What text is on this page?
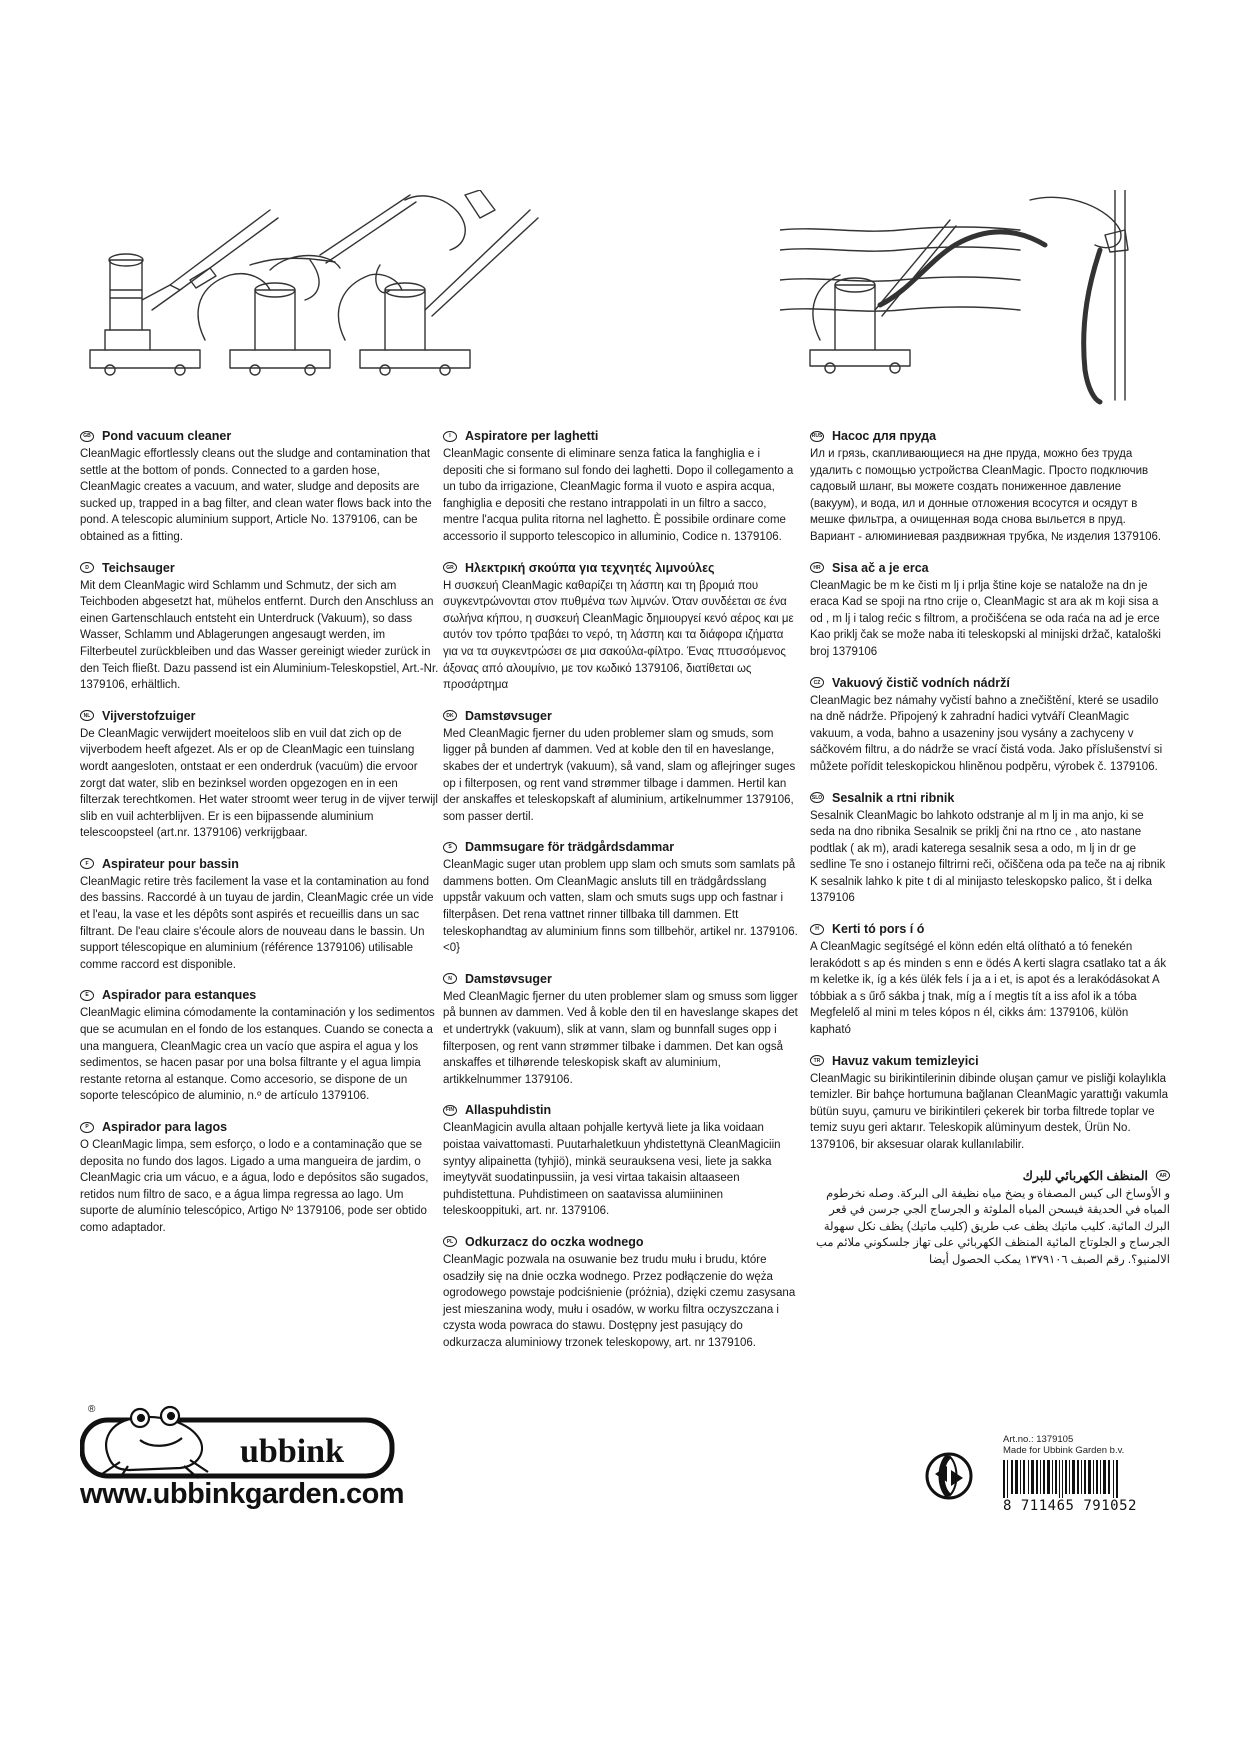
GB Pond vacuum cleaner

CleanMagic effortlessly cleans out the sludge and contamination that settle at the bottom of ponds. Connected to a garden hose, CleanMagic creates a vacuum, and water, sludge and deposits are sucked up, trapped in a bag filter, and clean water flows back into the pond. A telescopic aluminium support, Article No. 1379106, can be obtained as a fitting.

D	Teichsauger

Mit dem CleanMagic wird Schlamm und Schmutz, der sich am Teichboden abgesetzt hat, mühelos entfernt. Durch den Anschluss an einen Gartenschlauch entsteht ein Unterdruck (Vakuum), so dass Wasser, Schlamm und Ablagerungen angesaugt werden, im Filterbeutel zurückbleiben und das Wasser gereinigt wieder zurück in den Teich fließt. Dazu passend ist ein Aluminium-Teleskopstiel, Art.-Nr. 1379106, erhältlich.

NL Vijverstofzuiger

De CleanMagic verwijdert moeiteloos slib en vuil dat zich op de vijverbodem heeft afgezet. Als er op de CleanMagic een tuinslang wordt aangesloten, ontstaat er een onderdruk (vacuüm) die ervoor zorgt dat water, slib en bezinksel worden opgezogen en in een filterzak terechtkomen. Het water stroomt weer terug in de vijver terwijl slib en vuil achterblijven. Er is een bijpassende aluminium telescoopsteel (art.nr. 1379106) verkrijgbaar.

F	Aspirateur pour bassin

CleanMagic retire très facilement la vase et la contamination au fond des bassins. Raccordé à un tuyau de jardin, CleanMagic crée un vide et l'eau, la vase et les dépôts sont aspirés et recueillis dans un sac filtrant. De l'eau claire s'écoule alors de nouveau dans le bassin. Un support télescopique en aluminium (référence 1379106) utilisable comme raccord est disponible.

E	Aspirador para estanques

CleanMagic elimina cómodamente la contaminación y los sedimentos que se acumulan en el fondo de los estanques. Cuando se conecta a una manguera, CleanMagic crea un vacío que aspira el agua y los sedimentos, se hacen pasar por una bolsa filtrante y el agua limpia restante retorna al estanque. Como accesorio, se dispone de un soporte telescópico de aluminio, n.º de artículo 1379106.

P	Aspirador para lagos

O CleanMagic limpa, sem esforço, o lodo e a contaminação que se deposita no fundo dos lagos. Ligado a uma mangueira de jardim, o CleanMagic cria um vácuo, e a água, lodo e depósitos são sugados, retidos num filtro de saco, e a água limpa regressa ao lago. Um suporte de alumínio telescópico, Artigo Nº 1379106, pode ser obtido como adaptador.

I	Aspiratore per laghetti

CleanMagic consente di eliminare senza fatica la fanghiglia e i depositi che si formano sul fondo dei laghetti. Dopo il collegamento a un tubo da irrigazione, CleanMagic forma il vuoto e aspira acqua, fanghiglia e depositi che restano intrappolati in un filtro a sacco, mentre l'acqua pulita ritorna nel laghetto. È possibile ordinare come accessorio il supporto telescopico in alluminio, Codice n. 1379106.

GR Ηλεκτρική σκούπα για τεχνητές λιμνούλες

Η συσκευή CleanMagic καθαρίζει τη λάσπη και τη βρομιά που συγκεντρώνονται στον πυθμένα των λιμνών. Όταν συνδέεται σε ένα σωλήνα κήπου, η συσκευή CleanMagic δημιουργεί κενό αέρος και με αυτόν τον τρόπο τραβάει το νερό, τη λάσπη και τα διάφορα ιζήματα για να τα συγκεντρώσει σε μια σακούλα-φίλτρο. Ένας πτυσσόμενος άξονας από αλουμίνιο, με τον κωδικό 1379106, διατίθεται ως προσάρτημα

DK Damstøvsuger

Med CleanMagic fjerner du uden problemer slam og smuds, som ligger på bunden af dammen. Ved at koble den til en haveslange, skabes der et undertryk (vakuum), så vand, slam og aflejringer suges op i filterposen, og rent vand strømmer tilbage i dammen. Hertil kan der anskaffes et teleskopskaft af aluminium, artikelnummer 1379106, som passer dertil.

S	Dammsugare för trädgårdsdammar

CleanMagic suger utan problem upp slam och smuts som samlats på dammens botten. Om CleanMagic ansluts till en trädgårdsslang uppstår vakuum och vatten, slam och smuts sugs upp och fastnar i filterpåsen. Det rena vattnet rinner tillbaka till dammen. Ett teleskophandtag av aluminium finns som tillbehör, artikel nr. 1379106.<0}

N	Damstøvsuger

Med CleanMagic fjerner du uten problemer slam og smuss som ligger på bunnen av dammen. Ved å koble den til en haveslange skapes det et undertrykk (vakuum), slik at vann, slam og bunnfall suges opp i filterposen, og rent vann strømmer tilbake i dammen. Det kan også anskaffes et tilhørende teleskopisk skaft av aluminium, artikkelnummer 1379106.

FIN Allaspuhdistin

CleanMagicin avulla altaan pohjalle kertyvä liete ja lika voidaan poistaa vaivattomasti. Puutarhaletkuun yhdistettynä CleanMagiciin syntyy alipainetta (tyhjiö), minkä seurauksena vesi, liete ja sakka imeytyvät suodatinpussiin, ja vesi virtaa takaisin altaaseen puhdistettuna. Puhdistimeen on saatavissa alumiininen teleskooppituki, art. nr. 1379106.

PL Odkurzacz do oczka wodnego

CleanMagic pozwala na osuwanie bez trudu mułu i brudu, które osadziły się na dnie oczka wodnego. Przez podłączenie do węża ogrodowego powstaje podciśnienie (próżnia), dzięki czemu zasysana jest mieszanina wody, mułu i osadów, w worku filtra oczyszczana i czysta woda powraca do stawu. Dostępny jest pasujący do odkurzacza aluminiowy trzonek teleskopowy, art. nr 1379106.

RUS Насос для пруда

Ил и грязь, скапливающиеся на дне пруда, можно без труда удалить с помощью устройства CleanMagic. Просто подключив садовый шланг, вы можете создать пониженное давление (вакуум), и вода, ил и донные отложения всосутся и осядут в мешке фильтра, а очищенная вода снова выльется в пруд. Вариант - алюминиевая раздвижная трубка, № изделия 1379106.

HR Sisa ač a je erca

CleanMagic be m ke čisti m lj i prlja štine koje se nataložе na dn je eraca Kad se spoji na rtno crije o, CleanMagic st ara ak m koji sisa a od , m lj i talog rećic s filtrom, a pročišćena se oda raća na ad je erce Kao priklj čak se može naba iti teleskopski al minijski držač, kataloški broj 1379106

CZ Vakuový čistič vodních nádrží

CleanMagic bez námahy vyčistí bahno a znečištění, které se usadilo na dně nádrže. Připojený k zahradní hadici vytváří CleanMagic vakuum, a voda, bahno a usazeniny jsou vysány a zachyceny v sáčkovém filtru, a do nádrže se vrací čistá voda. Jako příslušenství si můžete pořídit teleskopickou hliněnou podpěru, výrobek č. 1379106.

SLO Sesalnik a rtni ribnik

Sesalnik CleanMagic bo lahkoto odstranje al m lj in ma anjo, ki se seda na dno ribnika Sesalnik se priklj čni na rtno ce , ato nastane podtlak ( ak m), aradi katerega sesalnik sesa a odo, m lj in dr ge sedline Te sno i ostanejo filtrirni reči, očiščena oda pa teče na aj ribnik K sesalnik lahko k pite t di al minijasto teleskopsko palico, št i delka 1379106

H	Kerti tó pors í ó

A CleanMagic segítségé el könn edén eltá olítható a tó fenekén lerakódott s ap és minden s enn e ödés A kerti slagra csatlako tat a ák m keletke ik, íg a kés ülék fels í ja a i et, is apot és a lerakódásokat A tóbbiak a s űrő sákba j tnak, míg a í megtis tít a iss afol ik a tóba Megfelelő al mini m teles kópos n él, cikks ám: 1379106, külön kapható

TR Havuz vakum temizleyici

CleanMagic su birikintilerinin dibinde oluşan çamur ve pisliği kolaylıkla temizler. Bir bahçe hortumuna bağlanan CleanMagic yarattığı vakumla bütün suyu, çamuru ve birikintileri çekerek bir torba filtrede toplar ve temiz suyu geri aktarır. Teleskopik alüminyum destek, Ürün No. 1379106, bir aksesuar olarak kullanılabilir.

AR
المنظف الكهربائي للبرك

و الأوساخ الى كيس المصفاة و يضخ مياه نظيفة الى البركة. وصله نخرطوم المياه في الحديقة فيسحن المياه الملوثة و الجرساج الجي جرسن في قعر البرك المائية. كليب ماتيك يظف عب طريق (كليب ماتيك) يظف نكل سهولة الجرساج و الجلوتاج المائية المنظف الكهربائي على تهاز جلسكوني ملائم مب الالمنيو؟. رقم الصبف ١٣٧٩١٠٦ يمكب الحصول أيضا

®
ubbink
www.ubbinkgarden.com
Art.no.: 1379105
Made for Ubbink Garden b.v.
8 711465 791052
